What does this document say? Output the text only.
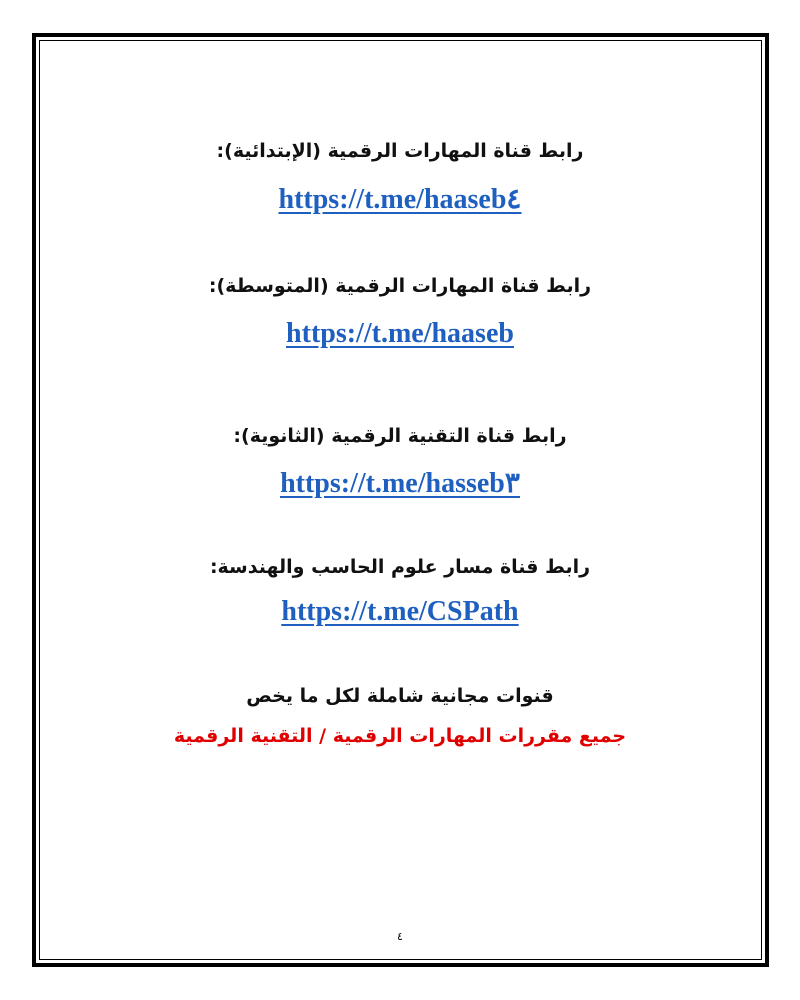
رابط قناة المهارات الرقمية (الإبتدائية):
https://t.me/haaseb٤
رابط قناة المهارات الرقمية (المتوسطة):
https://t.me/haaseb
رابط قناة التقنية الرقمية (الثانوية):
https://t.me/hasseb٣
رابط قناة مسار علوم الحاسب والهندسة:
https://t.me/CSPath
قنوات مجانية شاملة لكل ما يخص
جميع مقررات المهارات الرقمية / التقنية الرقمية
٤
